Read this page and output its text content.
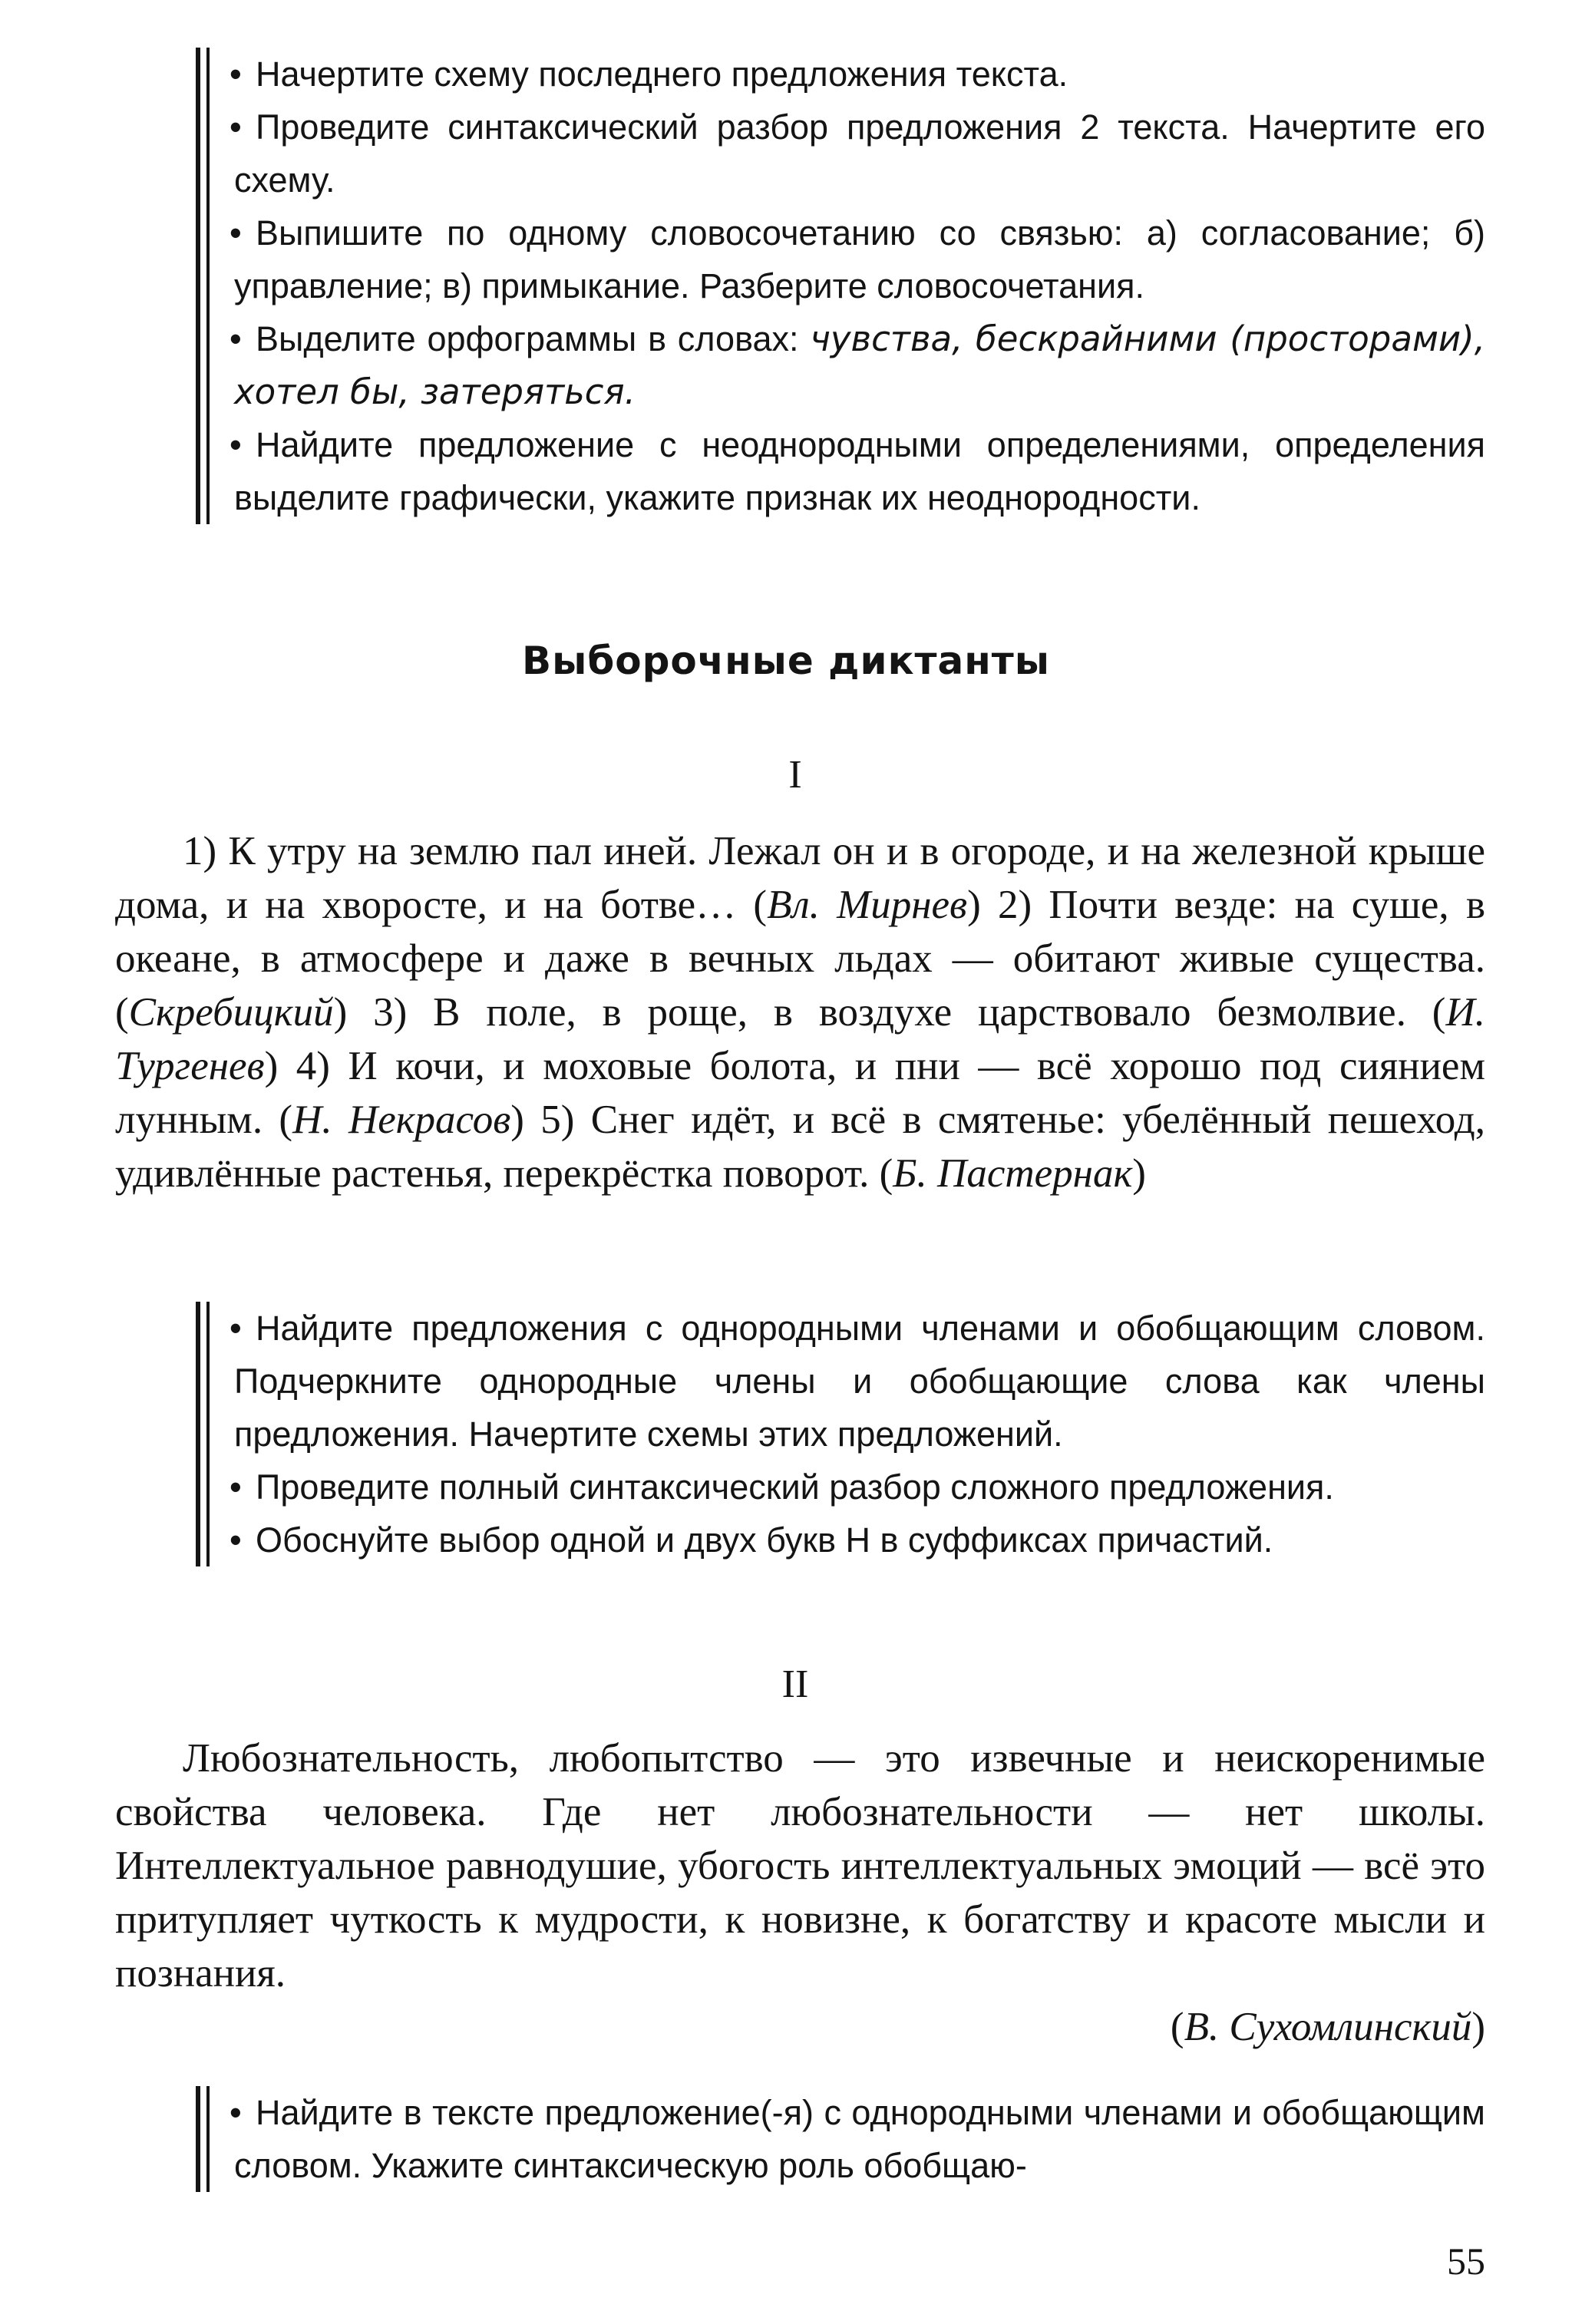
• Начертите схему последнего предложения текста.
• Проведите синтаксический разбор предложения 2 текста. Начертите его схему.
• Выпишите по одному словосочетанию со связью: а) согласование; б) управление; в) примыкание. Разберите словосочетания.
• Выделите орфограммы в словах: чувства, бескрайними (просторами), хотел бы, затеряться.
• Найдите предложение с неоднородными определениями, определения выделите графически, укажите признак их неоднородности.
Выборочные диктанты
I

1) К утру на землю пал иней. Лежал он и в огороде, и на железной крыше дома, и на хворосте, и на ботве… (Вл. Мирнев) 2) Почти везде: на суше, в океане, в атмосфере и даже в вечных льдах — обитают живые существа. (Скребицкий) 3) В поле, в роще, в воздухе царствовало безмолвие. (И. Тургенев) 4) И кочи, и моховые болота, и пни — всё хорошо под сиянием лунным. (Н. Некрасов) 5) Снег идёт, и всё в смятенье: убелённый пешеход, удивлённые растенья, перекрёстка поворот. (Б. Пастернак)

• Найдите предложения с однородными членами и обобщающим словом. Подчеркните однородные члены и обобщающие слова как члены предложения. Начертите схемы этих предложений.
• Проведите полный синтаксический разбор сложного предложения.
• Обоснуйте выбор одной и двух букв Н в суффиксах причастий.
II

Любознательность, любопытство — это извечные и неискоренимые свойства человека. Где нет любознательности — нет школы. Интеллектуальное равнодушие, убогость интеллектуальных эмоций — всё это притупляет чуткость к мудрости, к новизне, к богатству и красоте мысли и познания.

(В. Сухомлинский)
• Найдите в тексте предложение(-я) с однородными членами и обобщающим словом. Укажите синтаксическую роль обобщаю-
55
